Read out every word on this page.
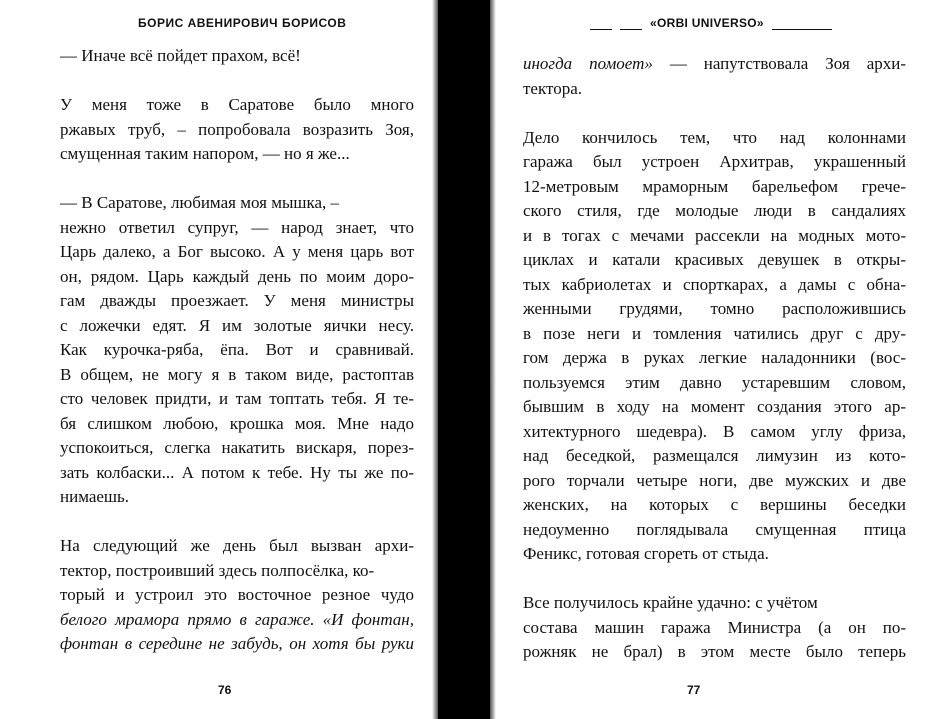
БОРИС АВЕНИРОВИЧ БОРИСОВ
— Иначе всё пойдет прахом, всё!
У меня тоже в Саратове было много
ржавых труб, – попробовала возразить Зоя,
смущенная таким напором, — но я же...
— В Саратове, любимая моя мышка, –
нежно ответил супруг, — народ знает, что
Царь далеко, а Бог высоко. А у меня царь вот
он, рядом. Царь каждый день по моим доро-
гам дважды проезжает. У меня министры
с ложечки едят. Я им золотые яички несу.
Как курочка-ряба, ёпа. Вот и сравнивай.
В общем, не могу я в таком виде, растоптав
сто человек придти, и там топтать тебя. Я те-
бя слишком любою, крошка моя. Мне надо
успокоиться, слегка накатить вискаря, порез-
зать колбаски... А потом к тебе. Ну ты же по-
нимаешь.
На следующий же день был вызван архи-
тектор, построивший здесь полпосёлка, ко-
торый и устроил это восточное резное чудо
белого мрамора прямо в гараже. «И фонтан,
фонтан в середине не забудь, он хотя бы руки
76
«ORBI UNIVERSO»
иногда помоет» — напутствовала Зоя архи-
тектора.
Дело кончилось тем, что над колоннами
гаража был устроен Архитрав, украшенный
12-метровым мраморным барельефом грече-
ского стиля, где молодые люди в сандалиях
и в тогах с мечами рассекли на модных мото-
циклах и катали красивых девушек в откры-
тых кабриолетах и спорткарах, а дамы с обна-
женными грудями, томно расположившись
в позе неги и томления чатились друг с дру-
гом держа в руках легкие наладонники (вос-
пользуемся этим давно устаревшим словом,
бывшим в ходу на момент создания этого ар-
хитектурного шедевра). В самом углу фриза,
над беседкой, размещался лимузин из кото-
рого торчали четыре ноги, две мужских и две
женских, на которых с вершины беседки
недоуменно поглядывала смущенная птица
Феникс, готовая сгореть от стыда.
Все получилось крайне удачно: с учётом
состава машин гаража Министра (а он по-
рожняк не брал) в этом месте было теперь
77
